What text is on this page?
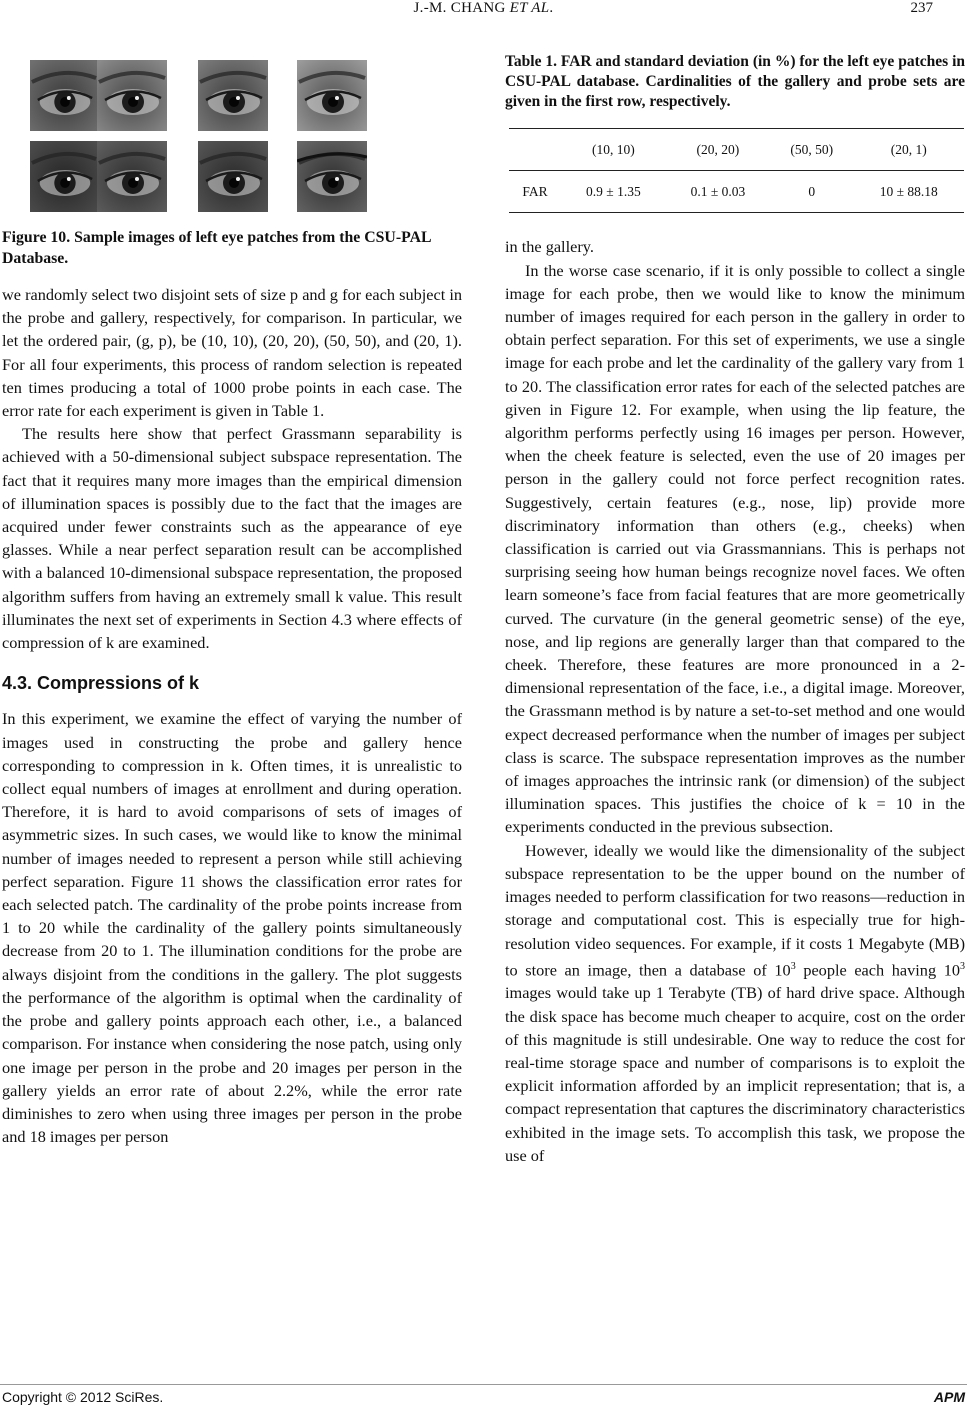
J.-M. CHANG ET AL.	237
Figure 10. Sample images of left eye patches from the CSU-PAL Database.

we randomly select two disjoint sets of size p and g for each subject in the probe and gallery, respectively, for comparison. In particular, we let the ordered pair, (g, p), be (10, 10), (20, 20), (50, 50), and (20, 1). For all four experiments, this process of random selection is repeated ten times producing a total of 1000 probe points in each case. The error rate for each experiment is given in Table 1.

The results here show that perfect Grassmann separability is achieved with a 50-dimensional subject subspace representation. The fact that it requires many more images than the empirical dimension of illumination spaces is possibly due to the fact that the images are acquired under fewer constraints such as the appearance of eye glasses. While a near perfect separation result can be accomplished with a balanced 10-dimensional subspace representation, the proposed algorithm suffers from having an extremely small k value. This result illuminates the next set of experiments in Section 4.3 where effects of compression of k are examined.

4.3. Compressions of k

In this experiment, we examine the effect of varying the number of images used in constructing the probe and gallery hence corresponding to compression in k. Often times, it is unrealistic to collect equal numbers of images at enrollment and during operation. Therefore, it is hard to avoid comparisons of sets of images of asymmetric sizes. In such cases, we would like to know the minimal number of images needed to represent a person while still achieving perfect separation. Figure 11 shows the classification error rates for each selected patch. The cardinality of the probe points increase from 1 to 20 while the cardinality of the gallery points simultaneously decrease from 20 to 1. The illumination conditions for the probe are always disjoint from the conditions in the gallery. The plot suggests the performance of the algorithm is optimal when the cardinality of the probe and gallery points approach each other, i.e., a balanced comparison. For instance when considering the nose patch, using only one image per person in the probe and 20 images per person in the gallery yields an error rate of about 2.2%, while the error rate diminishes to zero when using three images per person in the probe and 18 images per person

Table 1. FAR and standard deviation (in %) for the left eye patches in CSU-PAL database. Cardinalities of the gallery and probe sets are given in the first row, respectively.
	(10, 10)	(20, 20)	(50, 50)	(20, 1)
FAR	0.9 ± 1.35	0.1 ± 0.03	0	10 ± 88.18

in the gallery.

In the worse case scenario, if it is only possible to collect a single image for each probe, then we would like to know the minimum number of images required for each person in the gallery in order to obtain perfect separation. For this set of experiments, we use a single image for each probe and let the cardinality of the gallery vary from 1 to 20. The classification error rates for each of the selected patches are given in Figure 12. For example, when using the lip feature, the algorithm performs perfectly using 16 images per person. However, when the cheek feature is selected, even the use of 20 images per person in the gallery could not force perfect recognition rates. Suggestively, certain features (e.g., nose, lip) provide more discriminatory information than others (e.g., cheeks) when classification is carried out via Grassmannians. This is perhaps not surprising seeing how human beings recognize novel faces. We often learn someone’s face from facial features that are more geometrically curved. The curvature (in the general geometric sense) of the eye, nose, and lip regions are generally larger than that compared to the cheek. Therefore, these features are more pronounced in a 2-dimensional representation of the face, i.e., a digital image. Moreover, the Grassmann method is by nature a set-to-set method and one would expect decreased performance when the number of images per subject class is scarce. The subspace representation improves as the number of images approaches the intrinsic rank (or dimension) of the subject illumination spaces. This justifies the choice of k = 10 in the experiments conducted in the previous subsection.

However, ideally we would like the dimensionality of the subject subspace representation to be the upper bound on the number of images needed to perform classification for two reasons—reduction in storage and computational cost. This is especially true for high-resolution video sequences. For example, if it costs 1 Megabyte (MB) to store an image, then a database of $10^3$ people each having $10^3$ images would take up 1 Terabyte (TB) of hard drive space. Although the disk space has become much cheaper to acquire, cost on the order of this magnitude is still undesirable. One way to reduce the cost for real-time storage space and number of comparisons is to exploit the explicit information afforded by an implicit representation; that is, a compact representation that captures the discriminatory characteristics exhibited in the image sets. To accomplish this task, we propose the use of

Copyright © 2012 SciRes.	APM
